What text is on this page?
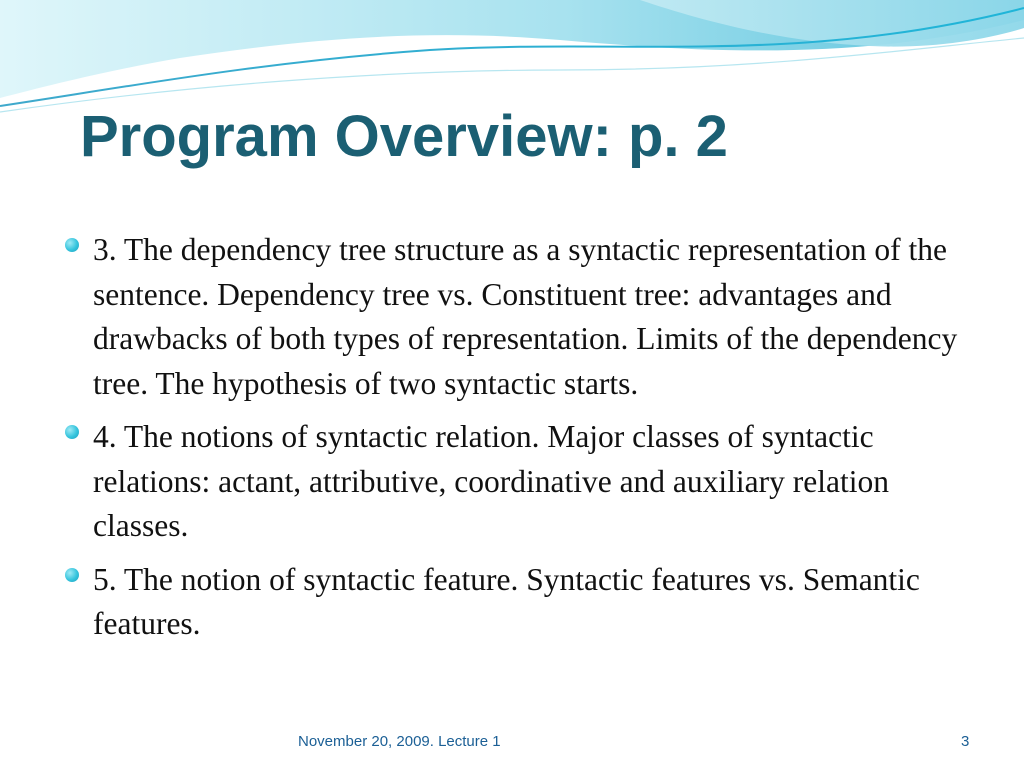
Program Overview: p. 2
3. The dependency tree structure as a syntactic representation of the sentence. Dependency tree vs. Constituent tree: advantages and drawbacks of both types of representation. Limits of the dependency tree. The hypothesis of two syntactic starts.
4. The notions of syntactic relation. Major classes of syntactic relations: actant, attributive, coordinative and auxiliary relation classes.
5. The notion of syntactic feature. Syntactic features vs. Semantic features.
November 20, 2009. Lecture 1	3
